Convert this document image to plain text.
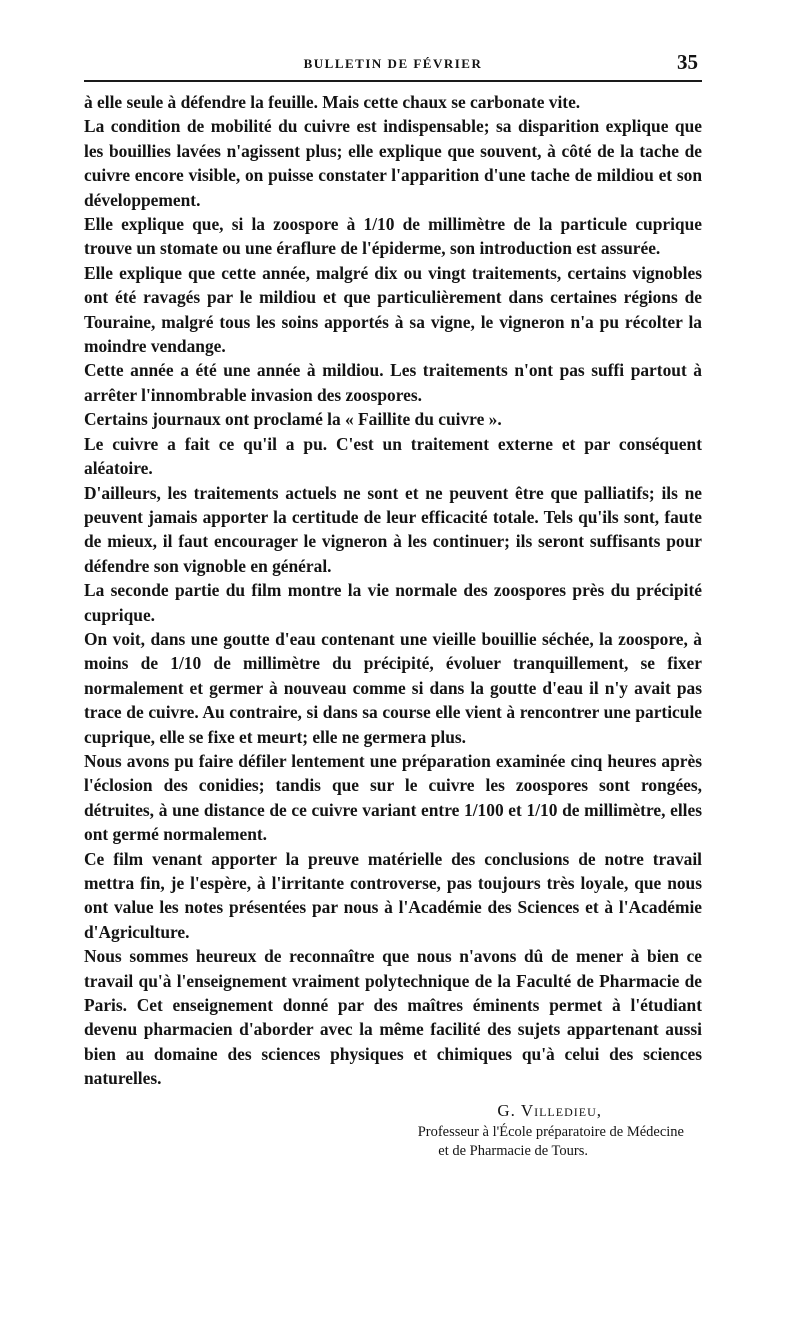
BULLETIN DE FÉVRIER	35

à elle seule à défendre la feuille. Mais cette chaux se carbonate vite.

La condition de mobilité du cuivre est indispensable; sa disparition explique que les bouillies lavées n'agissent plus; elle explique que souvent, à côté de la tache de cuivre encore visible, on puisse constater l'apparition d'une tache de mildiou et son développement.

Elle explique que, si la zoospore à 1/10 de millimètre de la particule cuprique trouve un stomate ou une éraflure de l'épiderme, son introduction est assurée.

Elle explique que cette année, malgré dix ou vingt traitements, certains vignobles ont été ravagés par le mildiou et que particulièrement dans certaines régions de Touraine, malgré tous les soins apportés à sa vigne, le vigneron n'a pu récolter la moindre vendange.

Cette année a été une année à mildiou. Les traitements n'ont pas suffi partout à arrêter l'innombrable invasion des zoospores.

Certains journaux ont proclamé la « Faillite du cuivre ».

Le cuivre a fait ce qu'il a pu. C'est un traitement externe et par conséquent aléatoire.

D'ailleurs, les traitements actuels ne sont et ne peuvent être que palliatifs; ils ne peuvent jamais apporter la certitude de leur efficacité totale. Tels qu'ils sont, faute de mieux, il faut encourager le vigneron à les continuer; ils seront suffisants pour défendre son vignoble en général.

La seconde partie du film montre la vie normale des zoospores près du précipité cuprique.

On voit, dans une goutte d'eau contenant une vieille bouillie séchée, la zoospore, à moins de 1/10 de millimètre du précipité, évoluer tranquillement, se fixer normalement et germer à nouveau comme si dans la goutte d'eau il n'y avait pas trace de cuivre. Au contraire, si dans sa course elle vient à rencontrer une particule cuprique, elle se fixe et meurt; elle ne germera plus.

Nous avons pu faire défiler lentement une préparation examinée cinq heures après l'éclosion des conidies; tandis que sur le cuivre les zoospores sont rongées, détruites, à une distance de ce cuivre variant entre 1/100 et 1/10 de millimètre, elles ont germé normalement.

Ce film venant apporter la preuve matérielle des conclusions de notre travail mettra fin, je l'espère, à l'irritante controverse, pas toujours très loyale, que nous ont value les notes présentées par nous à l'Académie des Sciences et à l'Académie d'Agriculture.

Nous sommes heureux de reconnaître que nous n'avons dû de mener à bien ce travail qu'à l'enseignement vraiment polytechnique de la Faculté de Pharmacie de Paris. Cet enseignement donné par des maîtres éminents permet à l'étudiant devenu pharmacien d'aborder avec la même facilité des sujets appartenant aussi bien au domaine des sciences physiques et chimiques qu'à celui des sciences naturelles.

G. Villedieu,
Professeur à l'École préparatoire de Médecine
et de Pharmacie de Tours.
